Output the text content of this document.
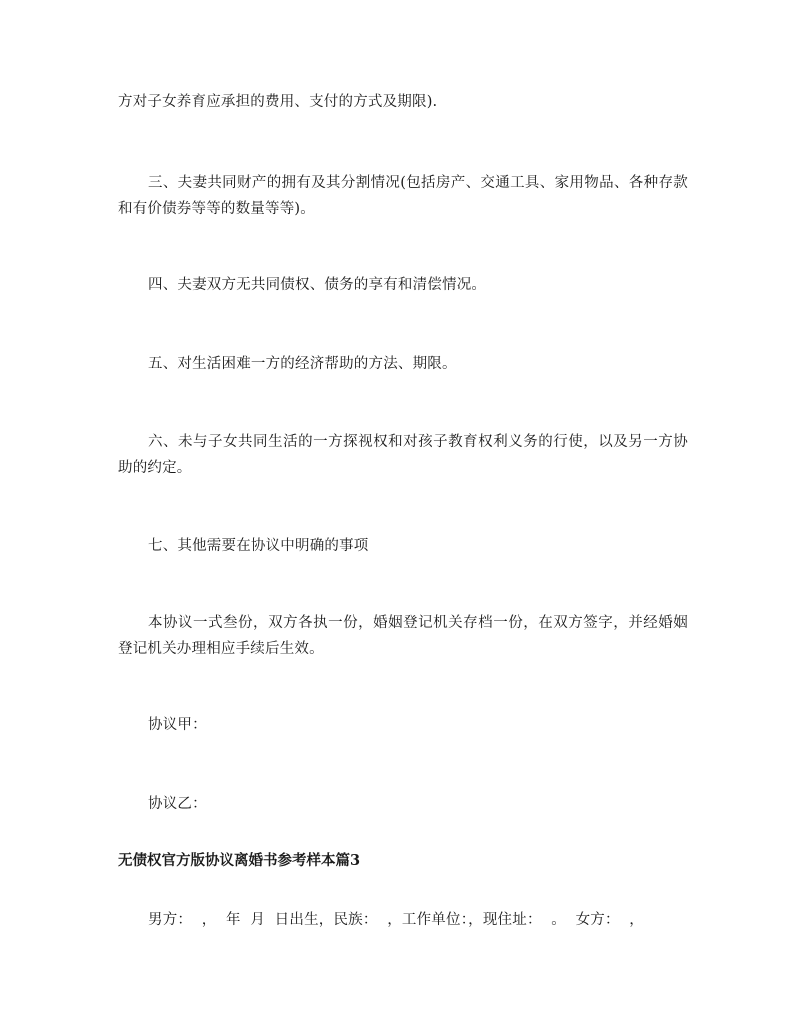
方对子女养育应承担的费用、支付的方式及期限).

三、夫妻共同财产的拥有及其分割情况(包括房产、交通工具、家用物品、各种存款和有价债券等等的数量等等)。

四、夫妻双方无共同债权、债务的享有和清偿情况。

五、对生活困难一方的经济帮助的方法、期限。

六、未与子女共同生活的一方探视权和对孩子教育权利义务的行使，以及另一方协助的约定。

七、其他需要在协议中明确的事项

本协议一式叁份，双方各执一份，婚姻登记机关存档一份，在双方签字，并经婚姻登记机关办理相应手续后生效。

协议甲：

协议乙：

无债权官方版协议离婚书参考样本篇3

男方：  ，  年  月  日出生，民族：  ，工作单位：，现住址：  。  女方：  ，
